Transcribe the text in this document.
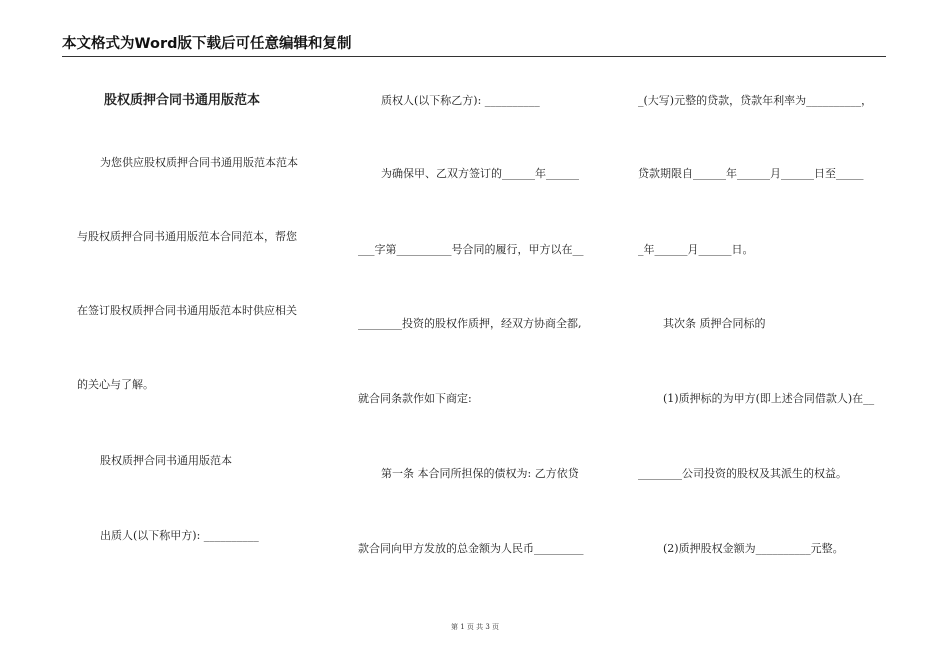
本文格式为Word版下载后可任意编辑和复制
股权质押合同书通用版范本
为您供应股权质押合同书通用版范本范本
与股权质押合同书通用版范本合同范本，帮您
在签订股权质押合同书通用版范本时供应相关
的关心与了解。
股权质押合同书通用版范本
出质人(以下称甲方): __________
质权人(以下称乙方): __________
为确保甲、乙双方签订的______年______
___字第__________号合同的履行，甲方以在__
________投资的股权作质押，经双方协商全都,
就合同条款作如下商定:
第一条 本合同所担保的债权为: 乙方依贷
款合同向甲方发放的总金额为人民币_________
_(大写)元整的贷款，贷款年利率为__________，
贷款期限自______年______月______日至_____
_年______月______日。
其次条 质押合同标的
(1)质押标的为甲方(即上述合同借款人)在__
________公司投资的股权及其派生的权益。
(2)质押股权金额为__________元整。
第 1 页 共 3 页
